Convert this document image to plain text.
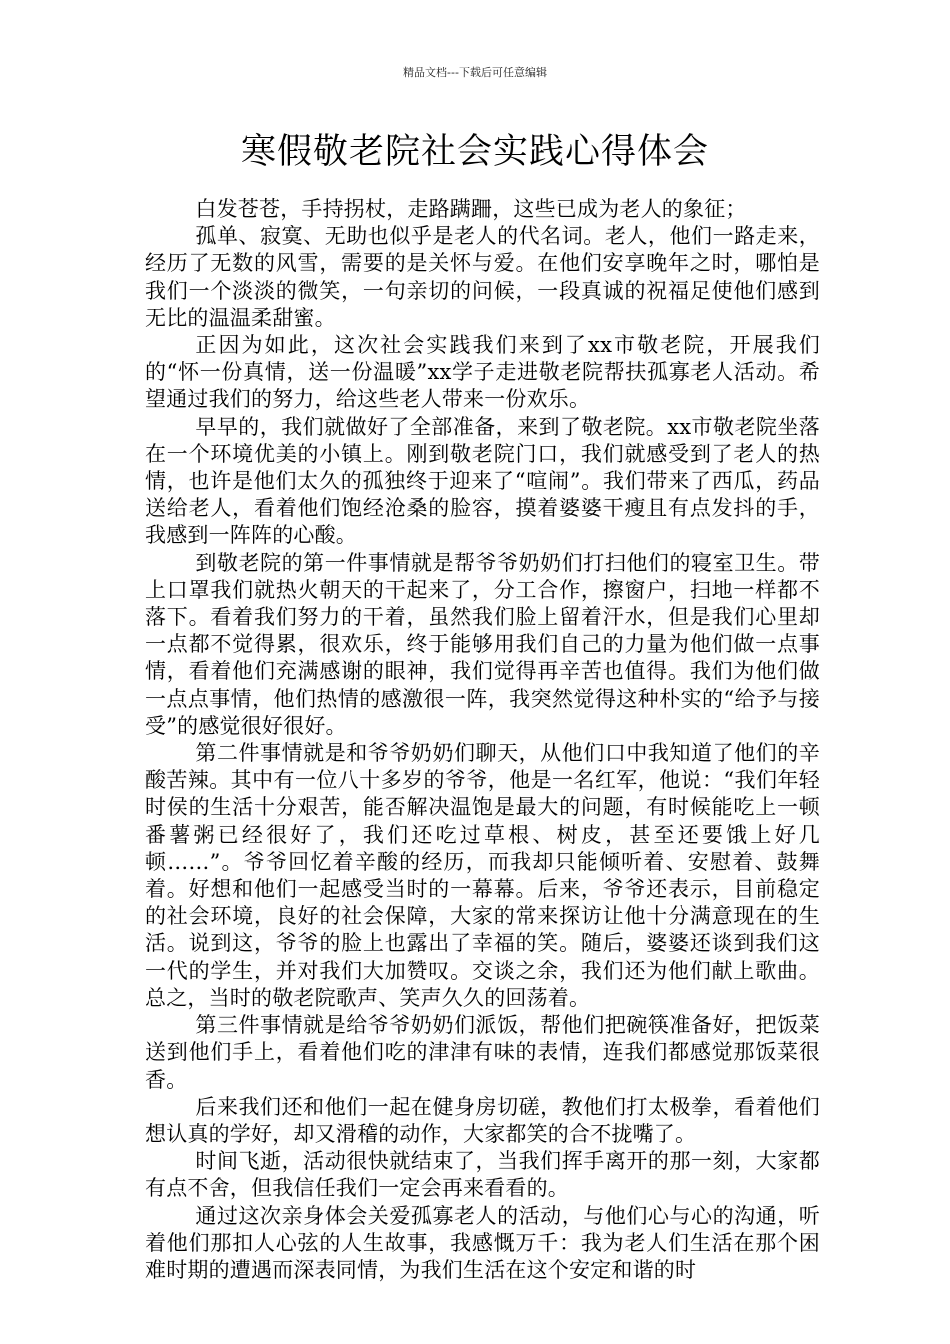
精品文档---下载后可任意编辑
寒假敬老院社会实践心得体会

白发苍苍，手持拐杖，走路蹒跚，这些已成为老人的象征；

孤单、寂寞、无助也似乎是老人的代名词。老人，他们一路走来，经历了无数的风雪，需要的是关怀与爱。在他们安享晚年之时，哪怕是我们一个淡淡的微笑，一句亲切的问候，一段真诚的祝福足使他们感到无比的温温柔甜蜜。

正因为如此，这次社会实践我们来到了xx市敬老院，开展我们的“怀一份真情，送一份温暖”xx学子走进敬老院帮扶孤寡老人活动。希望通过我们的努力，给这些老人带来一份欢乐。

早早的，我们就做好了全部准备，来到了敬老院。xx市敬老院坐落在一个环境优美的小镇上。刚到敬老院门口，我们就感受到了老人的热情，也许是他们太久的孤独终于迎来了“喧闹”。我们带来了西瓜，药品送给老人，看着他们饱经沧桑的脸容，摸着婆婆干瘦且有点发抖的手，我感到一阵阵的心酸。

到敬老院的第一件事情就是帮爷爷奶奶们打扫他们的寝室卫生。带上口罩我们就热火朝天的干起来了，分工合作，擦窗户，扫地一样都不落下。看着我们努力的干着，虽然我们脸上留着汗水，但是我们心里却一点都不觉得累，很欢乐，终于能够用我们自己的力量为他们做一点事情，看着他们充满感谢的眼神，我们觉得再辛苦也值得。我们为他们做一点点事情，他们热情的感激很一阵，我突然觉得这种朴实的“给予与接受”的感觉很好很好。

第二件事情就是和爷爷奶奶们聊天，从他们口中我知道了他们的辛酸苦辣。其中有一位八十多岁的爷爷，他是一名红军，他说：“我们年轻时侯的生活十分艰苦，能否解决温饱是最大的问题，有时候能吃上一顿番薯粥已经很好了，我们还吃过草根、树皮，甚至还要饿上好几顿……”。爷爷回忆着辛酸的经历，而我却只能倾听着、安慰着、鼓舞着。好想和他们一起感受当时的一幕幕。后来，爷爷还表示，目前稳定的社会环境，良好的社会保障，大家的常来探访让他十分满意现在的生活。说到这，爷爷的脸上也露出了幸福的笑。随后，婆婆还谈到我们这一代的学生，并对我们大加赞叹。交谈之余，我们还为他们献上歌曲。总之，当时的敬老院歌声、笑声久久的回荡着。

第三件事情就是给爷爷奶奶们派饭，帮他们把碗筷准备好，把饭菜送到他们手上，看着他们吃的津津有味的表情，连我们都感觉那饭菜很香。

后来我们还和他们一起在健身房切磋，教他们打太极拳，看着他们想认真的学好，却又滑稽的动作，大家都笑的合不拢嘴了。

时间飞逝，活动很快就结束了，当我们挥手离开的那一刻，大家都有点不舍，但我信任我们一定会再来看看的。

通过这次亲身体会关爱孤寡老人的活动，与他们心与心的沟通，听着他们那扣人心弦的人生故事，我感慨万千：我为老人们生活在那个困难时期的遭遇而深表同情，为我们生活在这个安定和谐的时
